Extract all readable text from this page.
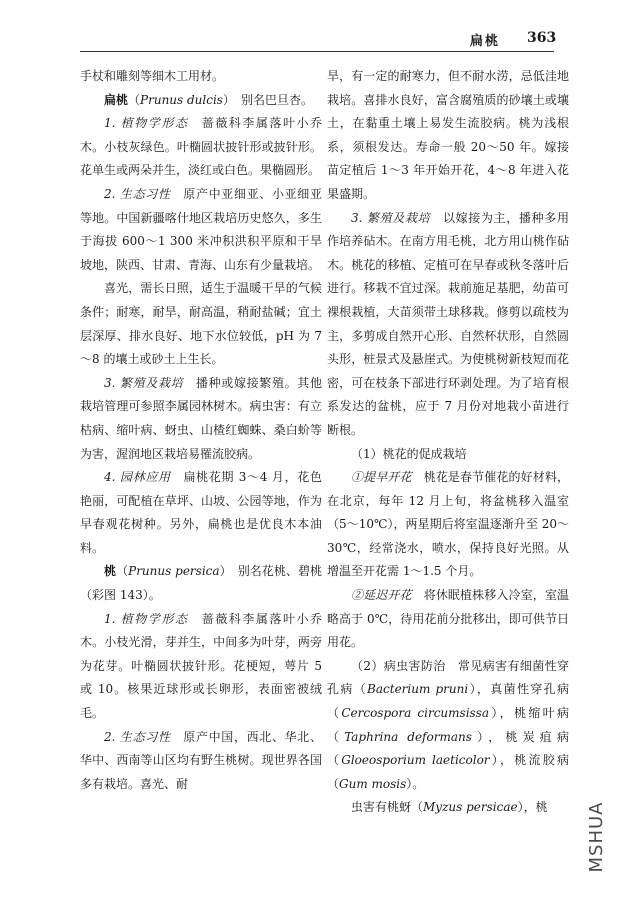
扁桃	363

手杖和雕刻等细木工用材。

扁桃（Prunus dulcis）　别名巴旦杏。

1. 植物学形态　 蔷薇科李属落叶小乔木。小枝灰绿色。叶椭圆状披针形或披针形。花单生或两朵并生，淡红或白色。果椭圆形。

2. 生态习性　 原产中亚细亚、小亚细亚等地。中国新疆喀什地区栽培历史悠久，多生于海拔 600～1 300 米冲积洪积平原和干旱坡地，陕西、甘肃、青海、山东有少量栽培。

喜光，需长日照，适生于温暖干旱的气候条件；耐寒，耐旱，耐高温，稍耐盐碱；宜土层深厚、排水良好、地下水位较低，pH 为 7～8 的壤土或砂土上生长。

3. 繁殖及栽培　 播种或嫁接繁殖。其他栽培管理可参照李属园林树木。病虫害：有立枯病、缩叶病、蚜虫、山楂红蜘蛛、桑白蚧等为害，渥润地区栽培易罹流胶病。

4. 园林应用　 扁桃花期 3～4 月，花色艳丽，可配植在草坪、山坡、公园等地，作为早春观花树种。另外，扁桃也是优良木本油料。

桃（Prunus persica）　别名花桃、碧桃（彩图 143）。

1. 植物学形态　 蔷薇科李属落叶小乔木。小枝光滑，芽并生，中间多为叶芽，两旁为花芽。叶椭圆状披针形。花梗短，萼片 5 或 10。核果近球形或长卵形，表面密被绒毛。

2. 生态习性　 原产中国，西北、华北、华中、西南等山区均有野生桃树。现世界各国多有栽培。喜光、耐

旱，有一定的耐寒力，但不耐水涝，忌低洼地栽培。喜排水良好，富含腐殖质的砂壤土或壤土，在黏重土壤上易发生流胶病。桃为浅根系，须根发达。寿命一般 20～50 年。嫁接苗定植后 1～3 年开始开花，4～8 年进入花果盛期。

3. 繁殖及栽培　 以嫁接为主，播种多用作培养砧木。在南方用毛桃，北方用山桃作砧木。桃花的移植、定植可在早春或秋冬落叶后进行。移栽不宜过深。栽前施足基肥，幼苗可裸根栽植，大苗须带土球移栽。修剪以疏枝为主，多剪成自然开心形、自然杯状形，自然圆头形，桩景式及悬崖式。为使桃树新枝短而花密，可在枝条下部进行环剥处理。为了培育根系发达的盆桃，应于 7 月份对地栽小苗进行断根。

（1）桃花的促成栽培

①提早开花　 桃花是春节催花的好材料，在北京，每年 12 月上旬，将盆桃移入温室（5～10℃），两星期后将室温逐渐升至 20～30℃，经常浇水，喷水，保持良好光照。从增温至开花需 1～1.5 个月。

②延迟开花　 将休眠植株移入冷室，室温略高于 0℃，待用花前分批移出，即可供节日用花。

（2）病虫害防治　常见病害有细菌性穿孔病（Bacterium pruni），真菌性穿孔病（Cercospora circumsissa），桃缩叶病（Taphrina deformans），桃炭疽病（Gloeosporium laeticolor），桃流胶病（Gum mosis）。

虫害有桃蚜（Myzus persicae），桃	MSHUA
